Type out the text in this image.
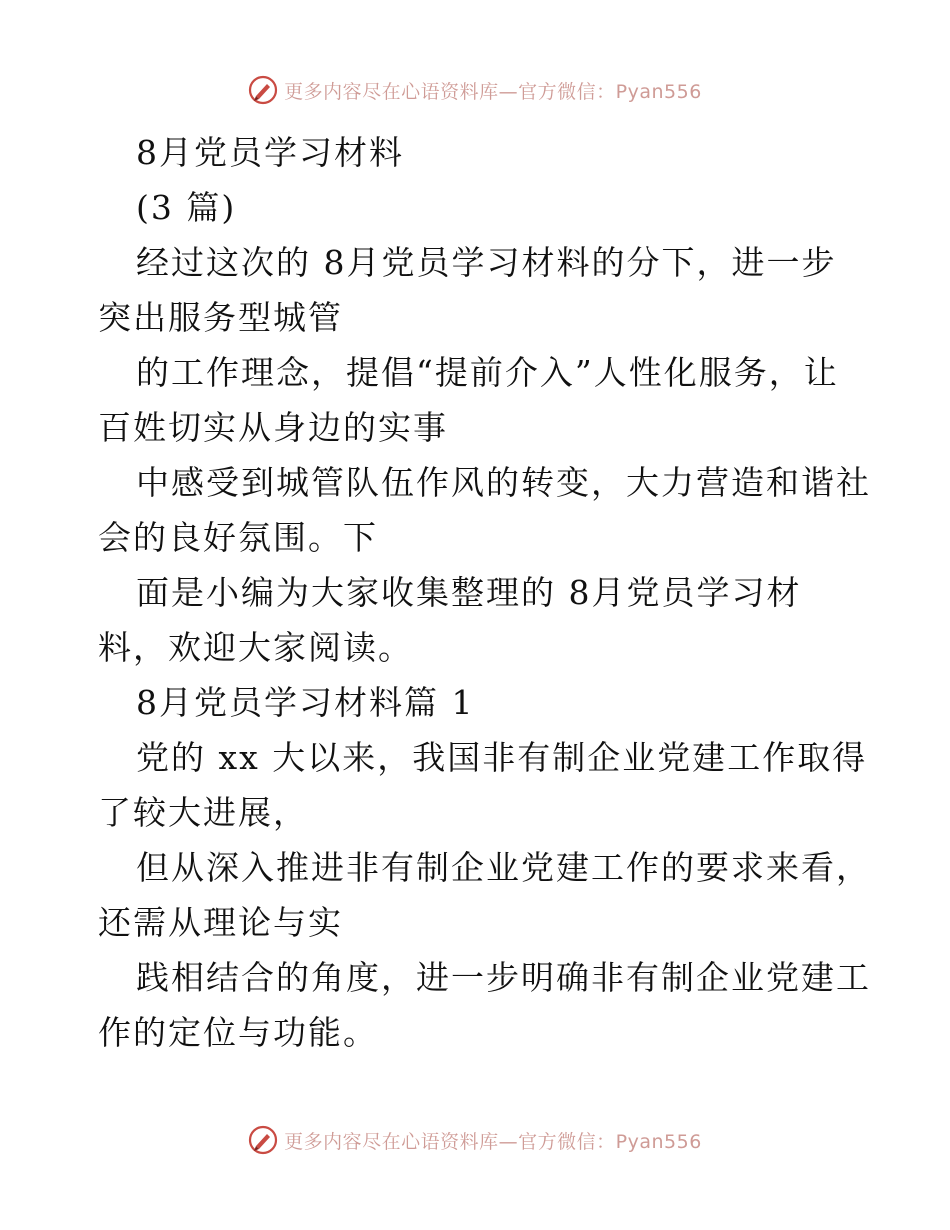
更多内容尽在心语资料库—官方微信：Pyan556
8月党员学习材料
(3 篇)
经过这次的 8月党员学习材料的分下，进一步
突出服务型城管
的工作理念，提倡“提前介入”人性化服务，让
百姓切实从身边的实事
中感受到城管队伍作风的转变，大力营造和谐社
会的良好氛围。下
面是小编为大家收集整理的 8月党员学习材
料，欢迎大家阅读。
8月党员学习材料篇 1
党的 xx 大以来，我国非有制企业党建工作取得
了较大进展，
但从深入推进非有制企业党建工作的要求来看，
还需从理论与实
践相结合的角度，进一步明确非有制企业党建工
作的定位与功能。
更多内容尽在心语资料库—官方微信：Pyan556
